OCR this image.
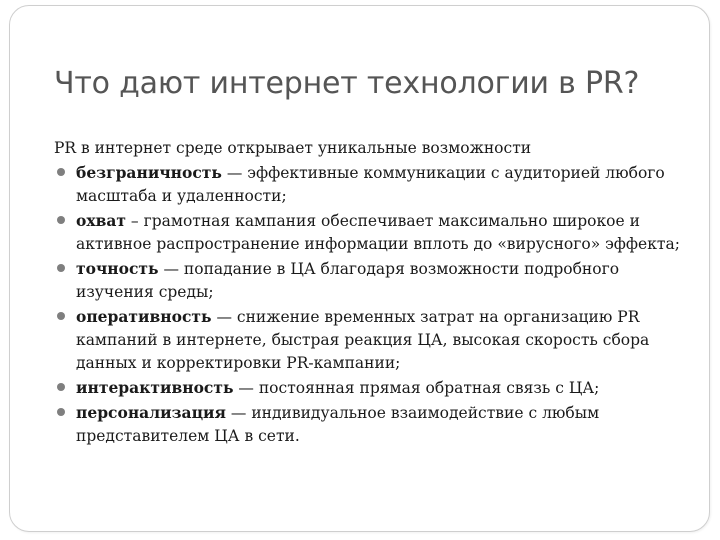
Что дают интернет технологии в PR?

PR в интернет среде открывает уникальные возможности

безграничность — эффективные коммуникации с аудиторией любого масштаба и удаленности;
охват – грамотная кампания обеспечивает максимально широкое и активное распространение информации вплоть до «вирусного» эффекта;
точность — попадание в ЦА благодаря возможности подробного изучения среды;
оперативность — снижение временных затрат на организацию PR кампаний в интернете, быстрая реакция ЦА, высокая скорость сбора данных и корректировки PR-кампании;
интерактивность — постоянная прямая обратная связь с ЦА;
персонализация — индивидуальное взаимодействие с любым представителем ЦА в сети.
